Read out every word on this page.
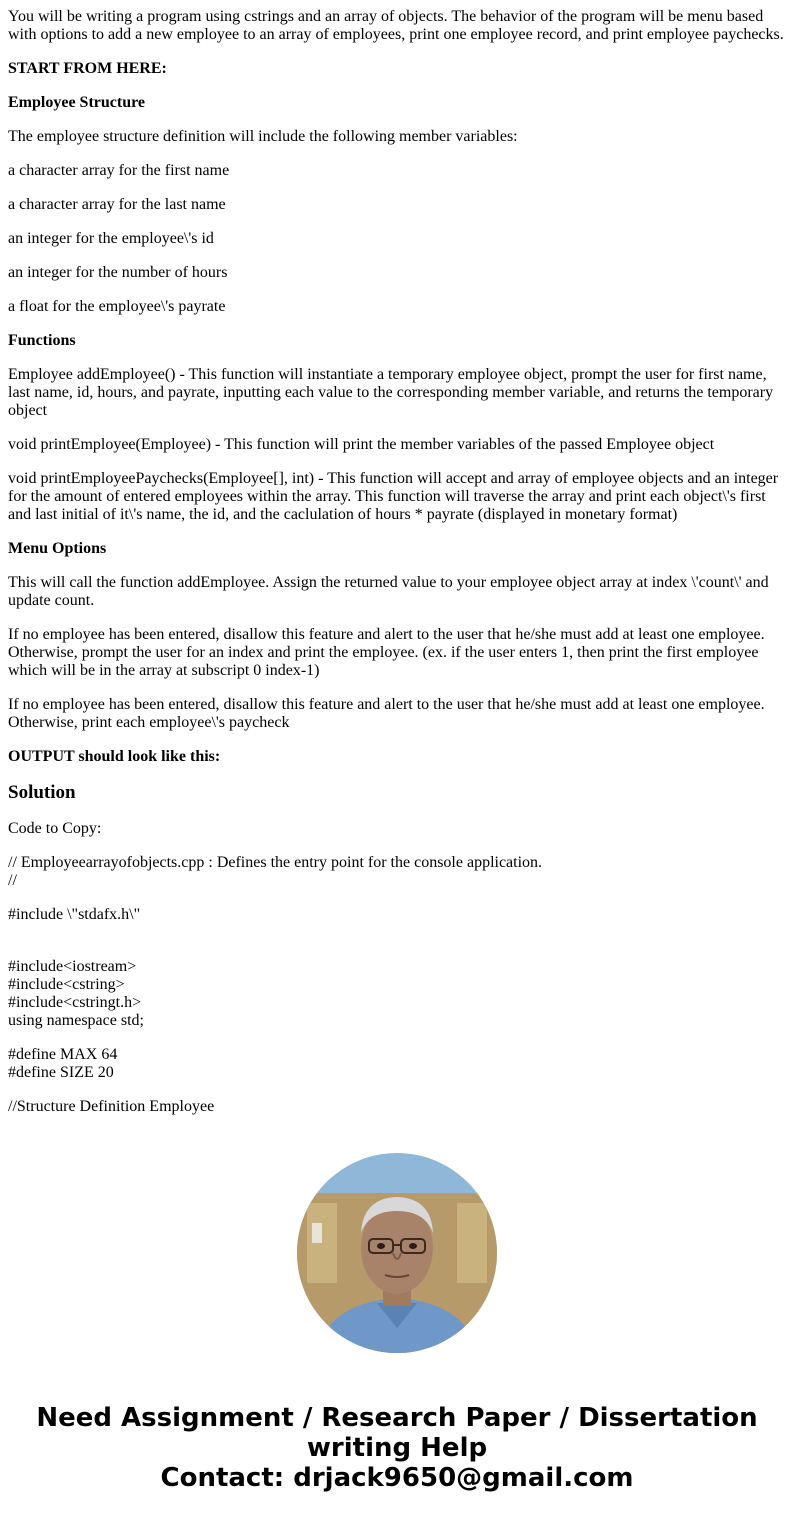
You will be writing a program using cstrings and an array of objects. The behavior of the program will be menu based with options to add a new employee to an array of employees, print one employee record, and print employee paychecks.

START FROM HERE:

Employee Structure

The employee structure definition will include the following member variables:

a character array for the first name

a character array for the last name

an integer for the employee\'s id

an integer for the number of hours

a float for the employee\'s payrate

Functions

Employee addEmployee() - This function will instantiate a temporary employee object, prompt the user for first name, last name, id, hours, and payrate, inputting each value to the corresponding member variable, and returns the temporary object

void printEmployee(Employee) - This function will print the member variables of the passed Employee object

void printEmployeePaychecks(Employee[], int) - This function will accept and array of employee objects and an integer for the amount of entered employees within the array. This function will traverse the array and print each object\'s first and last initial of it\'s name, the id, and the caclulation of hours * payrate (displayed in monetary format)

Menu Options

This will call the function addEmployee. Assign the returned value to your employee object array at index \'count\' and update count.

If no employee has been entered, disallow this feature and alert to the user that he/she must add at least one employee. Otherwise, prompt the user for an index and print the employee. (ex. if the user enters 1, then print the first employee which will be in the array at subscript 0 index-1)

If no employee has been entered, disallow this feature and alert to the user that he/she must add at least one employee. Otherwise, print each employee\'s paycheck

OUTPUT should look like this:

Solution

Code to Copy:

// Employeearrayofobjects.cpp : Defines the entry point for the console application.
//

#include \"stdafx.h\"

#include<iostream>
#include<cstring>
#include<cstringt.h>
using namespace std;

#define MAX 64
#define SIZE 20

//Structure Definition Employee

Need Assignment / Research Paper / Dissertation
writing Help
Contact: drjack9650@gmail.com
